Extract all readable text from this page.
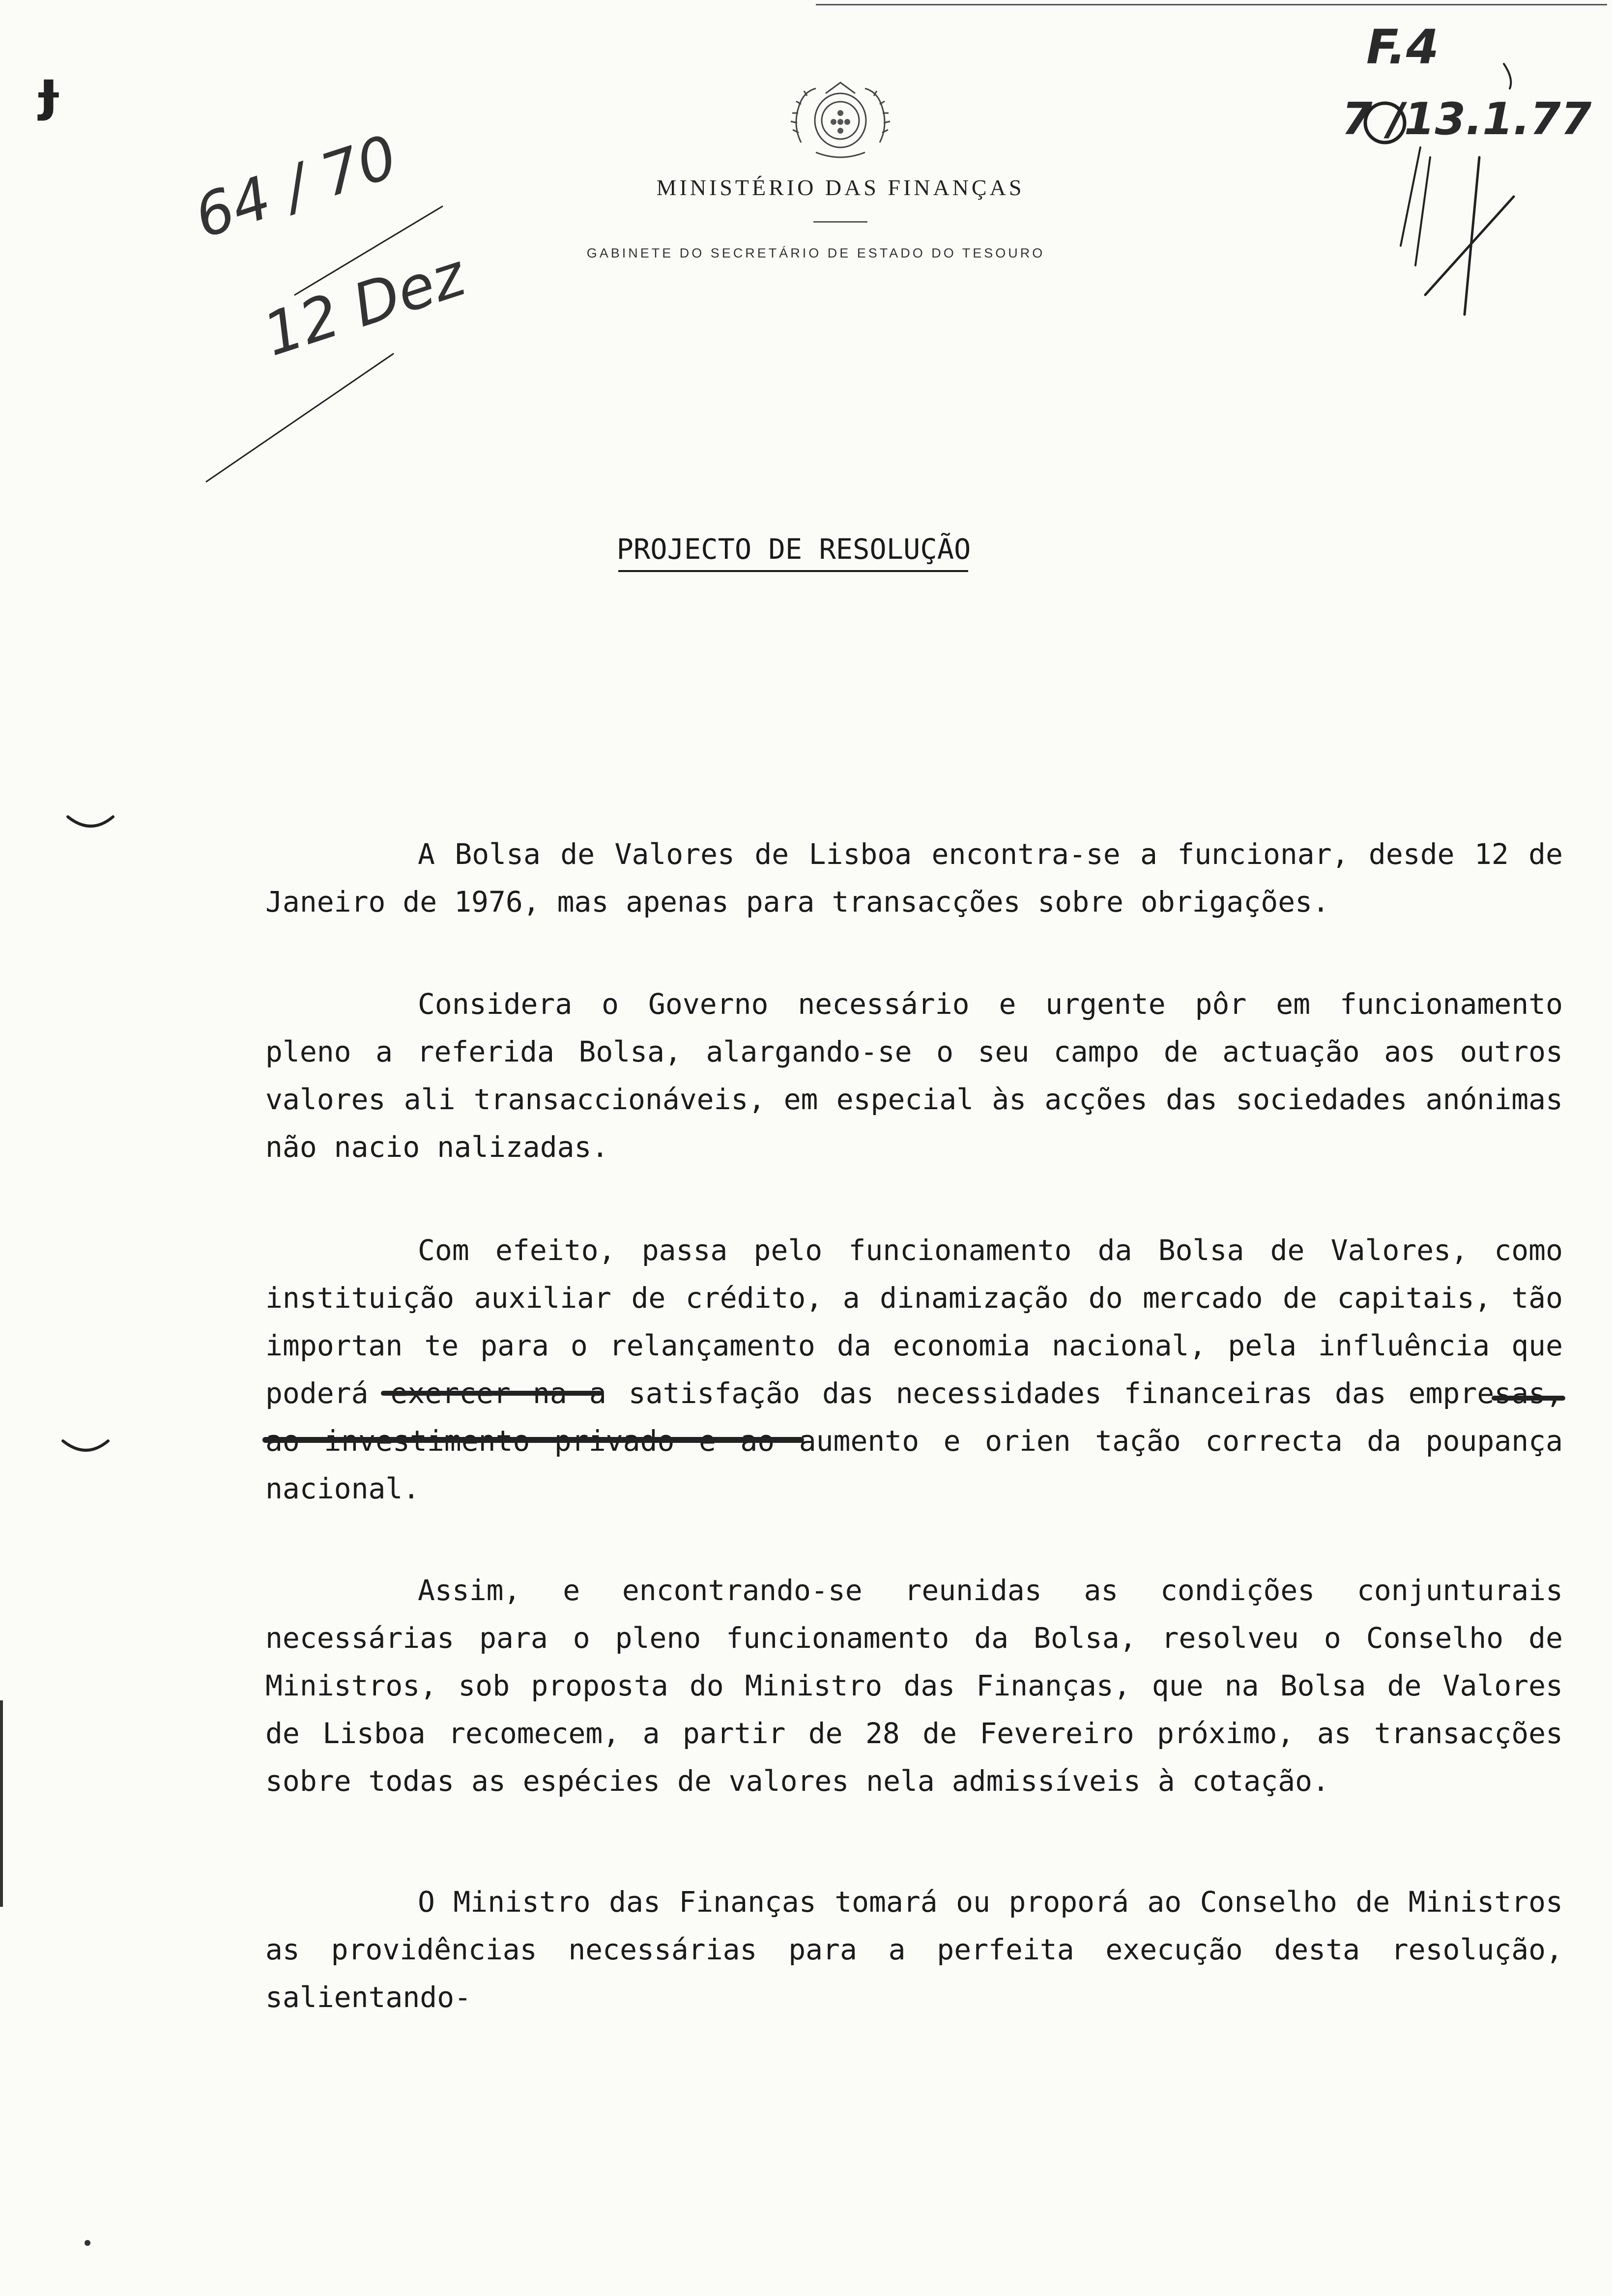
MINISTÉRIO DAS FINANÇAS
GABINETE DO SECRETÁRIO DE ESTADO DO TESOURO
F.4
7 /13.1.77
64 / 70
12 Dez
ɟ
PROJECTO DE RESOLUÇÃO
A Bolsa de Valores de Lisboa encontra-se a funcionar, desde 12 de Janeiro de 1976, mas apenas para transacções sobre obrigações.
Considera o Governo necessário e urgente pôr em funcionamento pleno a referida Bolsa, alargando-se o seu campo de actuação aos outros valores ali transaccionáveis, em especial às acções das sociedades anónimas não nacio nalizadas.
Com efeito, passa pelo funcionamento da Bolsa de Valores, como instituição auxiliar de crédito, a dinamização do mercado de capitais, tão importan te para o relançamento da economia nacional, pela influência que poderá exercer na a satisfação das necessidades financeiras das empresas, ao investimento privado e ao aumento e orien tação correcta da poupança nacional.
Assim, e encontrando-se reunidas as condições conjunturais necessárias para o pleno funcionamento da Bolsa, resolveu o Conselho de Ministros, sob proposta do Ministro das Finanças, que na Bolsa de Valores de Lisboa recomecem, a partir de 28 de Fevereiro próximo, as transacções sobre todas as espécies de valores nela admissíveis à cotação.
O Ministro das Finanças tomará ou proporá ao Conselho de Ministros as providências necessárias para a perfeita execução desta resolução, salientando-
